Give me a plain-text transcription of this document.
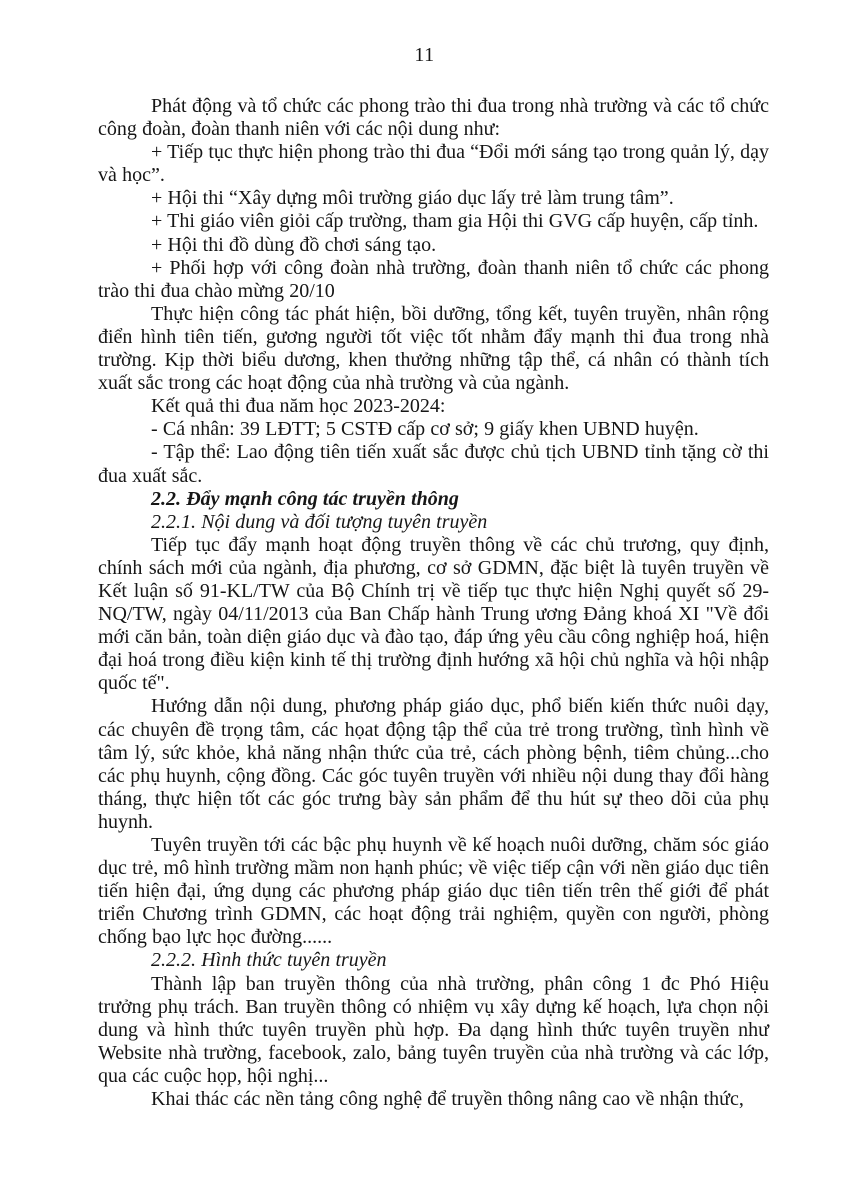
11

Phát động và tổ chức các phong trào thi đua trong nhà trường và các tổ chức công đoàn, đoàn thanh niên với các nội dung như:

+ Tiếp tục thực hiện phong trào thi đua “Đổi mới sáng tạo trong quản lý, dạy và học”.

+ Hội thi “Xây dựng môi trường giáo dục lấy trẻ làm trung tâm”.

+ Thi giáo viên giỏi cấp trường, tham gia Hội thi GVG cấp huyện, cấp tỉnh.

+ Hội thi đồ dùng đồ chơi sáng tạo.

+ Phối hợp với công đoàn nhà trường, đoàn thanh niên tổ chức các phong trào thi đua chào mừng 20/10

Thực hiện công tác phát hiện, bồi dưỡng, tổng kết, tuyên truyền, nhân rộng điển hình tiên tiến, gương người tốt việc tốt nhằm đẩy mạnh thi đua trong nhà trường. Kịp thời biểu dương, khen thưởng những tập thể, cá nhân có thành tích xuất sắc trong các hoạt động của nhà trường và của ngành.

Kết quả thi đua năm học 2023-2024:

- Cá nhân: 39 LĐTT; 5 CSTĐ cấp cơ sở; 9 giấy khen UBND huyện.

- Tập thể: Lao động tiên tiến xuất sắc được chủ tịch UBND tỉnh tặng cờ thi đua xuất sắc.

2.2. Đẩy mạnh công tác truyền thông

2.2.1. Nội dung và đối tượng tuyên truyền

Tiếp tục đẩy mạnh hoạt động truyền thông về các chủ trương, quy định, chính sách mới của ngành, địa phương, cơ sở GDMN, đặc biệt là tuyên truyền về Kết luận số 91-KL/TW của Bộ Chính trị về tiếp tục thực hiện Nghị quyết số 29-NQ/TW, ngày 04/11/2013 của Ban Chấp hành Trung ương Đảng khoá XI "Về đổi mới căn bản, toàn diện giáo dục và đào tạo, đáp ứng yêu cầu công nghiệp hoá, hiện đại hoá trong điều kiện kinh tế thị trường định hướng xã hội chủ nghĩa và hội nhập quốc tế".

Hướng dẫn nội dung, phương pháp giáo dục, phổ biến kiến thức nuôi dạy, các chuyên đề trọng tâm, các họat động tập thể của trẻ trong trường, tình hình về tâm lý, sức khỏe, khả năng nhận thức của trẻ, cách phòng bệnh, tiêm chủng...cho các phụ huynh, cộng đồng. Các góc tuyên truyền với nhiều nội dung thay đổi hàng tháng, thực hiện tốt các góc trưng bày sản phẩm để thu hút sự theo dõi của phụ huynh.

Tuyên truyền tới các bậc phụ huynh về kế hoạch nuôi dưỡng, chăm sóc giáo dục trẻ, mô hình trường mầm non hạnh phúc; về việc tiếp cận với nền giáo dục tiên tiến hiện đại, ứng dụng các phương pháp giáo dục tiên tiến trên thế giới để phát triển Chương trình GDMN, các hoạt động trải nghiệm, quyền con người, phòng chống bạo lực học đường......

2.2.2. Hình thức tuyên truyền

Thành lập ban truyền thông của nhà trường, phân công 1 đc Phó Hiệu trưởng phụ trách. Ban truyền thông có nhiệm vụ xây dựng kế hoạch, lựa chọn nội dung và hình thức tuyên truyền phù hợp. Đa dạng hình thức tuyên truyền như Website nhà trường, facebook, zalo, bảng tuyên truyền của nhà trường và các lớp, qua các cuộc họp, hội nghị...

Khai thác các nền tảng công nghệ để truyền thông nâng cao về nhận thức,
